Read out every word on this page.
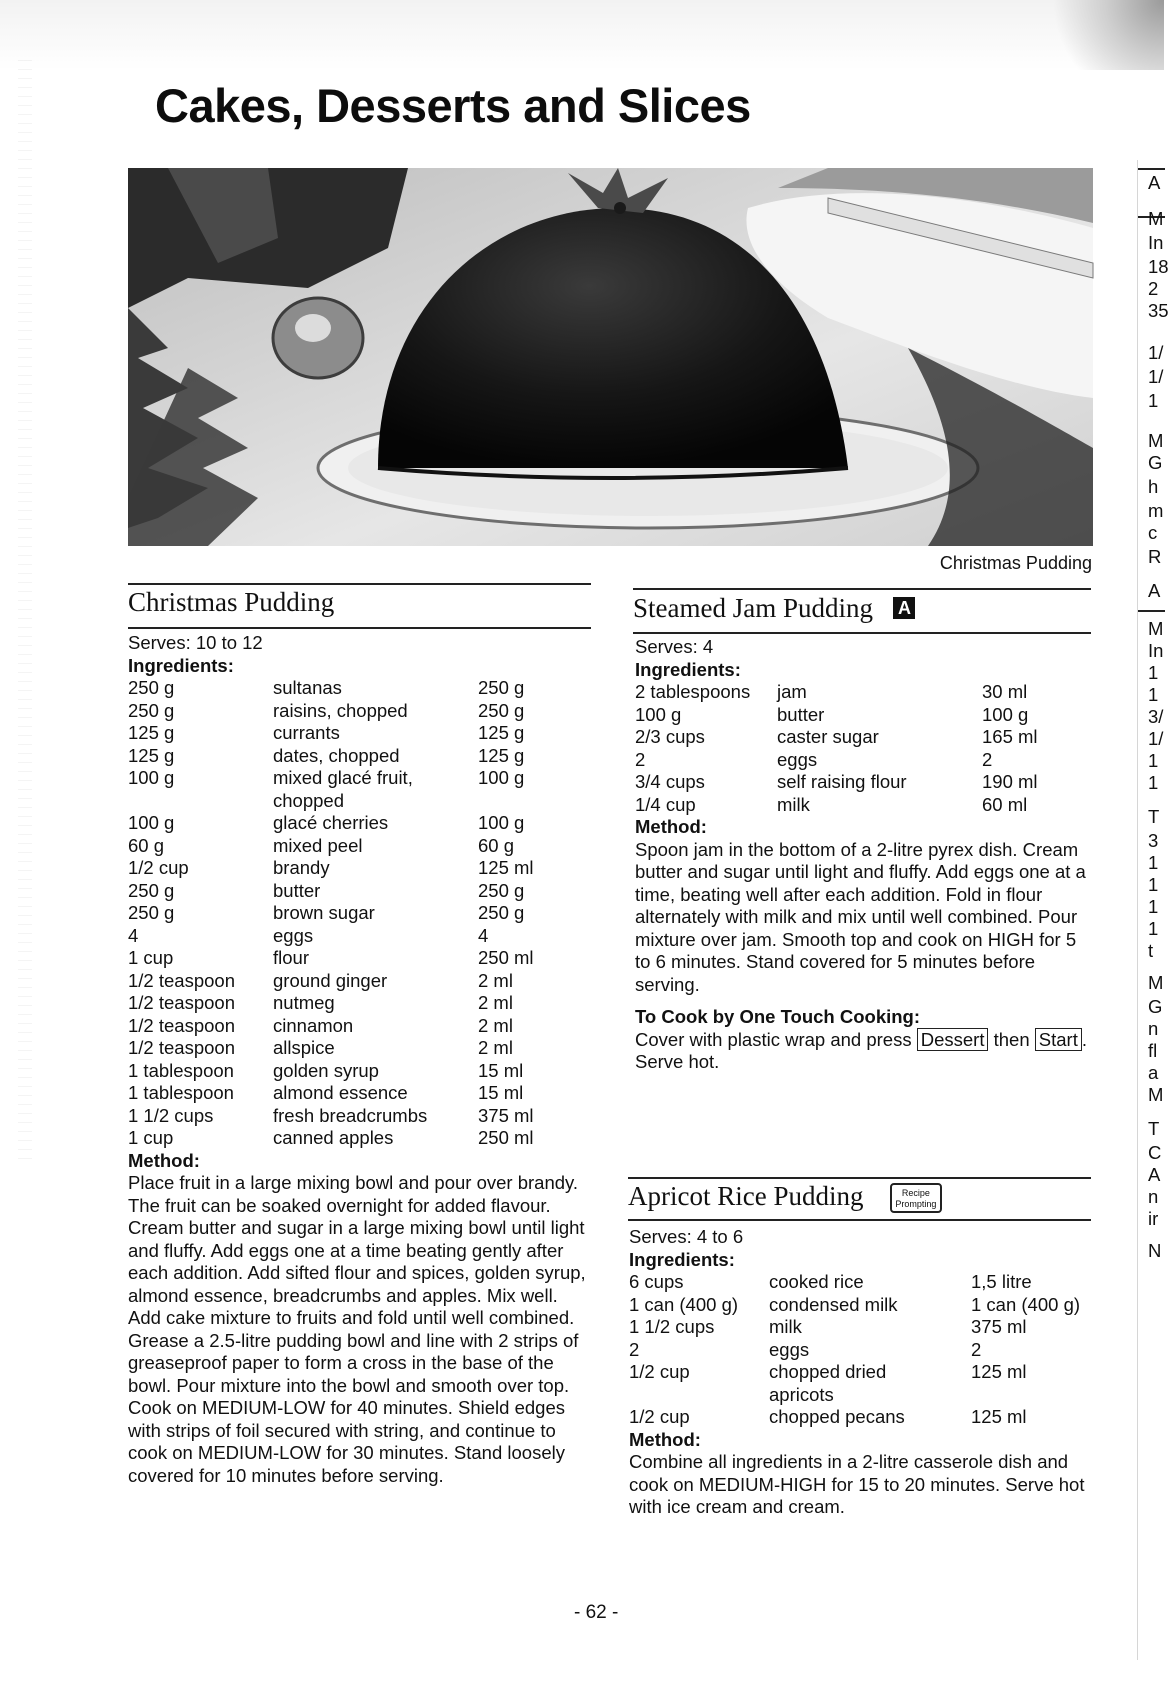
Cakes, Desserts and Slices
Christmas Pudding
Christmas Pudding

Serves: 10 to 12

Ingredients:

250 g	sultanas	250 g
250 g	raisins, chopped	250 g
125 g	currants	125 g
125 g	dates, chopped	125 g
100 g	mixed glacé fruit,	100 g
	chopped	
100 g	glacé cherries	100 g
60 g	mixed peel	60 g
1/2 cup	brandy	125 ml
250 g	butter	250 g
250 g	brown sugar	250 g
4	eggs	4
1 cup	flour	250 ml
1/2 teaspoon	ground ginger	2 ml
1/2 teaspoon	nutmeg	2 ml
1/2 teaspoon	cinnamon	2 ml
1/2 teaspoon	allspice	2 ml
1 tablespoon	golden syrup	15 ml
1 tablespoon	almond essence	15 ml
1 1/2 cups	fresh breadcrumbs	375 ml
1 cup	canned apples	250 ml

Method:

Place fruit in a large mixing bowl and pour over brandy. The fruit can be soaked overnight for added flavour. Cream butter and sugar in a large mixing bowl until light and fluffy. Add eggs one at a time beating gently after each addition. Add sifted flour and spices, golden syrup, almond essence, breadcrumbs and apples. Mix well. Add cake mixture to fruits and fold until well combined. Grease a 2.5-litre pudding bowl and line with 2 strips of greaseproof paper to form a cross in the base of the bowl. Pour mixture into the bowl and smooth over top. Cook on MEDIUM-LOW for 40 minutes. Shield edges with strips of foil secured with string, and continue to cook on MEDIUM-LOW for 30 minutes. Stand loosely covered for 10 minutes before serving.

Steamed Jam Pudding A

Serves: 4

Ingredients:

2 tablespoons	jam	30 ml
100 g	butter	100 g
2/3 cups	caster sugar	165 ml
2	eggs	2
3/4 cups	self raising flour	190 ml
1/4 cup	milk	60 ml

Method:

Spoon jam in the bottom of a 2-litre pyrex dish. Cream butter and sugar until light and fluffy. Add eggs one at a time, beating well after each addition. Fold in flour alternately with milk and mix until well combined. Pour mixture over jam. Smooth top and cook on HIGH for 5 to 6 minutes. Stand covered for 5 minutes before serving.

To Cook by One Touch Cooking:

Cover with plastic wrap and press Dessert then Start . Serve hot.

Apricot Rice Pudding	Recipe
Prompting

Serves: 4 to 6

Ingredients:

6 cups	cooked rice	1,5 litre
1 can (400 g)	condensed milk	1 can (400 g)
1 1/2 cups	milk	375 ml
2	eggs	2
1/2 cup	chopped dried	125 ml
	apricots	
1/2 cup	chopped pecans	125 ml

Method:

Combine all ingredients in a 2-litre casserole dish and cook on MEDIUM-HIGH for 15 to 20 minutes. Serve hot with ice cream and cream.

- 62 -
A
M
In
18
2
35
1/
1/
1
M
G
h
m
c
R
A
M
In
1
1
3/
1/
1
1
T
3
1
1
1
1
t
M
G
n
fl
a
M
T
C
A
n
ir
N
